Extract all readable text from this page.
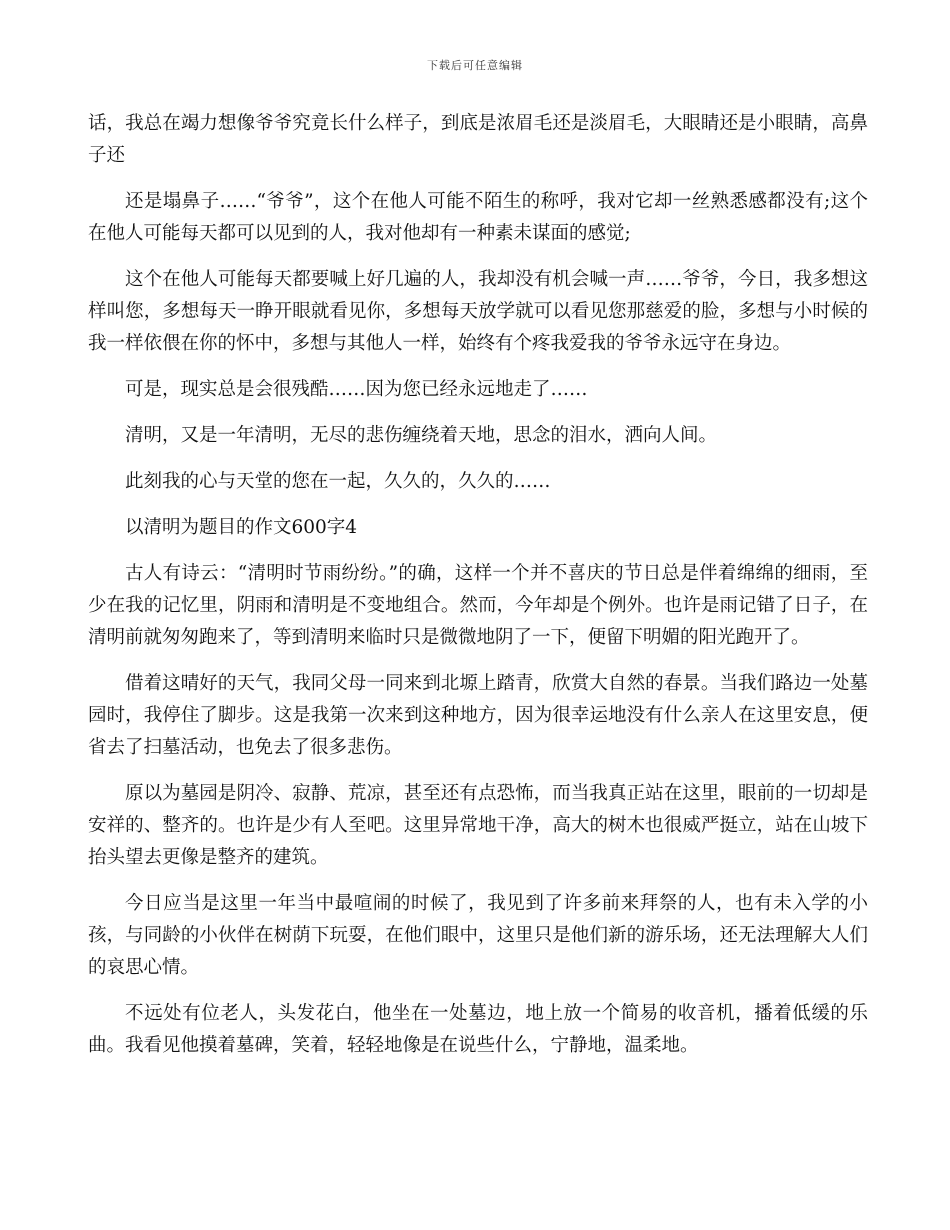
下载后可任意编辑

话，我总在竭力想像爷爷究竟长什么样子，到底是浓眉毛还是淡眉毛，大眼睛还是小眼睛，高鼻子还

还是塌鼻子……“爷爷”，这个在他人可能不陌生的称呼，我对它却一丝熟悉感都没有;这个在他人可能每天都可以见到的人，我对他却有一种素未谋面的感觉;

这个在他人可能每天都要喊上好几遍的人，我却没有机会喊一声……爷爷，今日，我多想这样叫您，多想每天一睁开眼就看见你，多想每天放学就可以看见您那慈爱的脸，多想与小时候的我一样依偎在你的怀中，多想与其他人一样，始终有个疼我爱我的爷爷永远守在身边。

可是，现实总是会很残酷……因为您已经永远地走了……

清明，又是一年清明，无尽的悲伤缠绕着天地，思念的泪水，洒向人间。

此刻我的心与天堂的您在一起，久久的，久久的……

以清明为题目的作文600字4

古人有诗云：“清明时节雨纷纷。”的确，这样一个并不喜庆的节日总是伴着绵绵的细雨，至少在我的记忆里，阴雨和清明是不变地组合。然而，今年却是个例外。也许是雨记错了日子，在清明前就匆匆跑来了，等到清明来临时只是微微地阴了一下，便留下明媚的阳光跑开了。

借着这晴好的天气，我同父母一同来到北塬上踏青，欣赏大自然的春景。当我们路边一处墓园时，我停住了脚步。这是我第一次来到这种地方，因为很幸运地没有什么亲人在这里安息，便省去了扫墓活动，也免去了很多悲伤。

原以为墓园是阴冷、寂静、荒凉，甚至还有点恐怖，而当我真正站在这里，眼前的一切却是安祥的、整齐的。也许是少有人至吧。这里异常地干净，高大的树木也很威严挺立，站在山坡下抬头望去更像是整齐的建筑。

今日应当是这里一年当中最喧闹的时候了，我见到了许多前来拜祭的人，也有未入学的小孩，与同龄的小伙伴在树荫下玩耍，在他们眼中，这里只是他们新的游乐场，还无法理解大人们的哀思心情。

不远处有位老人，头发花白，他坐在一处墓边，地上放一个简易的收音机，播着低缓的乐曲。我看见他摸着墓碑，笑着，轻轻地像是在说些什么，宁静地，温柔地。
